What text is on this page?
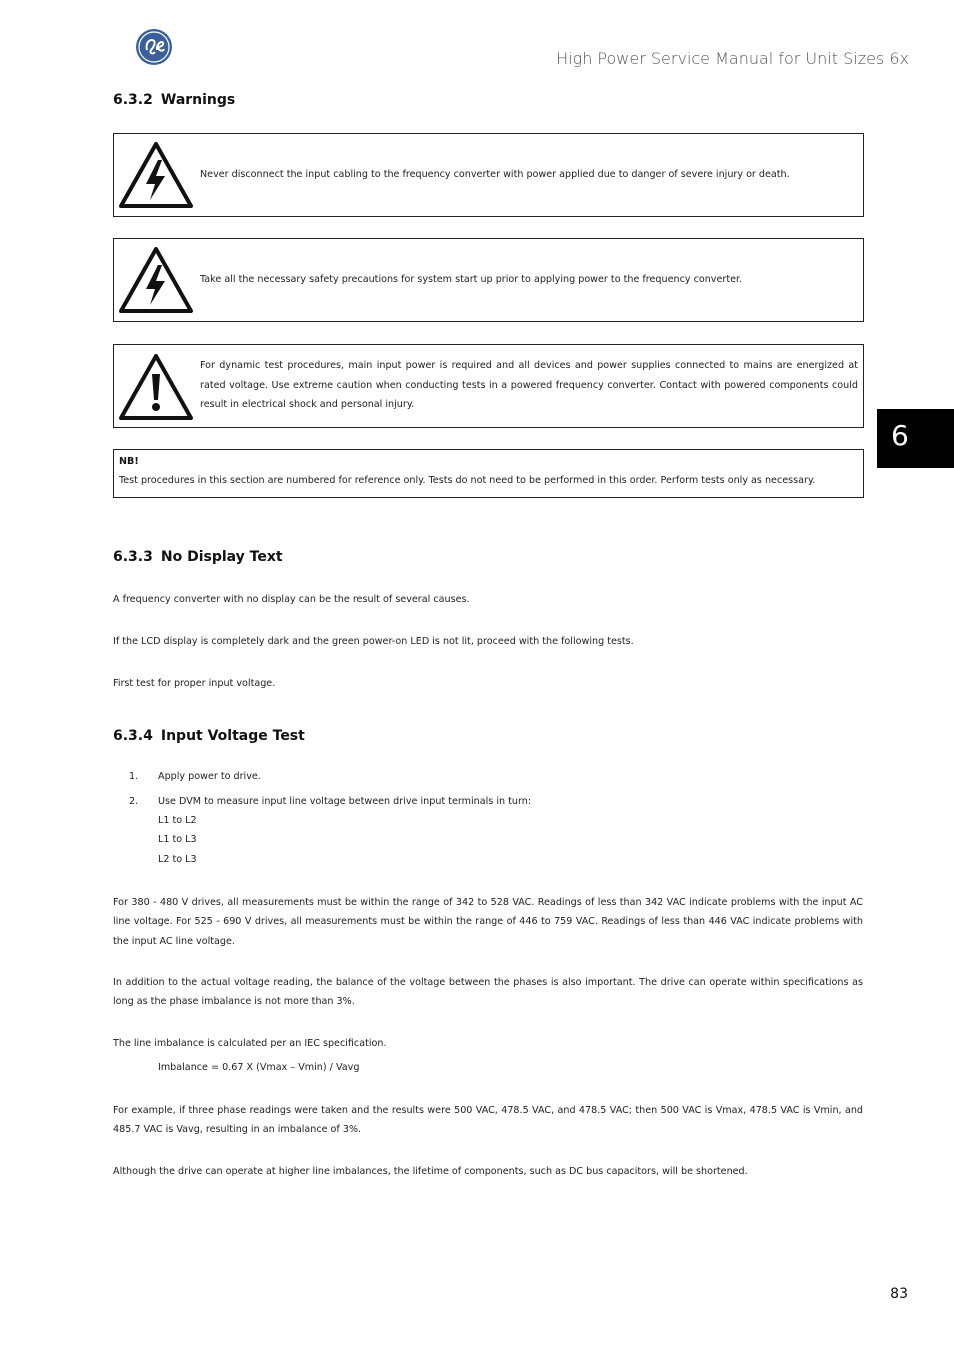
High Power Service Manual for Unit Sizes 6x
6.3.2 Warnings
Never disconnect the input cabling to the frequency converter with power applied due to danger of severe injury or death.
Take all the necessary safety precautions for system start up prior to applying power to the frequency converter.
For dynamic test procedures, main input power is required and all devices and power supplies connected to mains are energized at rated voltage. Use extreme caution when conducting tests in a powered frequency converter. Contact with powered components could result in electrical shock and personal injury.
NB!
Test procedures in this section are numbered for reference only. Tests do not need to be performed in this order. Perform tests only as necessary.
6.3.3 No Display Text
A frequency converter with no display can be the result of several causes.
If the LCD display is completely dark and the green power-on LED is not lit, proceed with the following tests.
First test for proper input voltage.
6.3.4 Input Voltage Test
1. Apply power to drive.
2. Use DVM to measure input line voltage between drive input terminals in turn:
L1 to L2
L1 to L3
L2 to L3
For 380 - 480 V drives, all measurements must be within the range of 342 to 528 VAC. Readings of less than 342 VAC indicate problems with the input AC line voltage. For 525 - 690 V drives, all measurements must be within the range of 446 to 759 VAC. Readings of less than 446 VAC indicate problems with the input AC line voltage.
In addition to the actual voltage reading, the balance of the voltage between the phases is also important. The drive can operate within specifications as long as the phase imbalance is not more than 3%.
The line imbalance is calculated per an IEC specification.
Imbalance = 0.67 X (Vmax – Vmin) / Vavg
For example, if three phase readings were taken and the results were 500 VAC, 478.5 VAC, and 478.5 VAC; then 500 VAC is Vmax, 478.5 VAC is Vmin, and 485.7 VAC is Vavg, resulting in an imbalance of 3%.
Although the drive can operate at higher line imbalances, the lifetime of components, such as DC bus capacitors, will be shortened.
6
83
